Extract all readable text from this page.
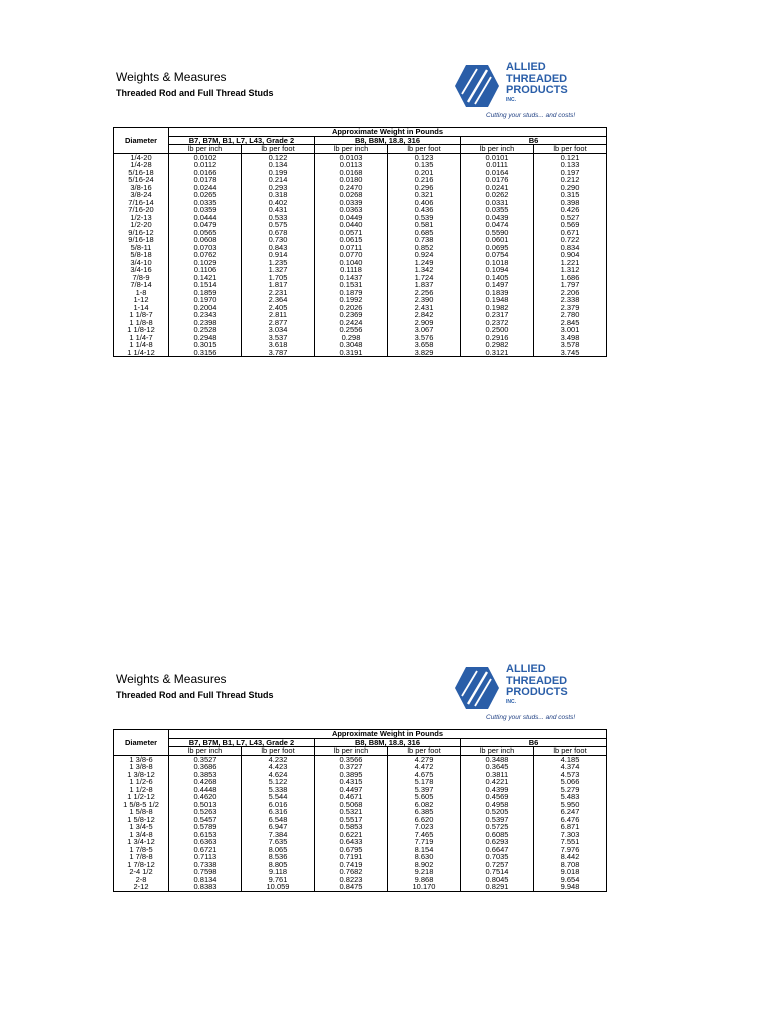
Weights & Measures
Threaded Rod and Full Thread Studs
ALLIED
THREADED
PRODUCTS
INC.
Cutting your studs... and costs!
Diameter	Approximate Weight in Pounds					
	B7, B7M, B1, L7, L43, Grade 2		B8, B8M, 18.8, 316		B6	
	lb per inch	lb per foot	lb per inch	lb per foot	lb per inch	lb per foot
1/4-20	0.0102	0.122	0.0103	0.123	0.0101	0.121
1/4-28	0.0112	0.134	0.0113	0.135	0.0111	0.133
5/16-18	0.0166	0.199	0.0168	0.201	0.0164	0.197
5/16-24	0.0178	0.214	0.0180	0.216	0.0176	0.212
3/8-16	0.0244	0.293	0.2470	0.296	0.0241	0.290
3/8-24	0.0265	0.318	0.0268	0.321	0.0262	0.315
7/16-14	0.0335	0.402	0.0339	0.406	0.0331	0.398
7/16-20	0.0359	0.431	0.0363	0.436	0.0355	0.426
1/2-13	0.0444	0.533	0.0449	0.539	0.0439	0.527
1/2-20	0.0479	0.575	0.0440	0.581	0.0474	0.569
9/16-12	0.0565	0.678	0.0571	0.685	0.5590	0.671
9/16-18	0.0608	0.730	0.0615	0.738	0.0601	0.722
5/8-11	0.0703	0.843	0.0711	0.852	0.0695	0.834
5/8-18	0.0762	0.914	0.0770	0.924	0.0754	0.904
3/4-10	0.1029	1.235	0.1040	1.249	0.1018	1.221
3/4-16	0.1106	1.327	0.1118	1.342	0.1094	1.312
7/8-9	0.1421	1.705	0.1437	1.724	0.1405	1.686
7/8-14	0.1514	1.817	0.1531	1.837	0.1497	1.797
1-8	0.1859	2.231	0.1879	2.256	0.1839	2.206
1-12	0.1970	2.364	0.1992	2.390	0.1948	2.338
1-14	0.2004	2.405	0.2026	2.431	0.1982	2.379
1 1/8-7	0.2343	2.811	0.2369	2.842	0.2317	2.780
1 1/8-8	0.2398	2.877	0.2424	2.909	0.2372	2.845
1 1/8-12	0.2528	3.034	0.2556	3.067	0.2500	3.001
1 1/4-7	0.2948	3.537	0.298	3.576	0.2916	3.498
1 1/4-8	0.3015	3.618	0.3048	3.658	0.2982	3.578
1 1/4-12	0.3156	3.787	0.3191	3.829	0.3121	3.745
Weights & Measures
Threaded Rod and Full Thread Studs
ALLIED
THREADED
PRODUCTS
INC.
Cutting your studs... and costs!
Diameter	Approximate Weight in Pounds					
	B7, B7M, B1, L7, L43, Grade 2		B8, B8M, 18.8, 316		B6	
	lb per inch	lb per foot	lb per inch	lb per foot	lb per inch	lb per foot
1 3/8-6	0.3527	4.232	0.3566	4.279	0.3488	4.185
1 3/8-8	0.3686	4.423	0.3727	4.472	0.3645	4.374
1 3/8-12	0.3853	4.624	0.3895	4.675	0.3811	4.573
1 1/2-6	0.4268	5.122	0.4315	5.178	0.4221	5.066
1 1/2-8	0.4448	5.338	0.4497	5.397	0.4399	5.279
1 1/2-12	0.4620	5.544	0.4671	5.605	0.4569	5.483
1 5/8-5 1/2	0.5013	6.016	0.5068	6.082	0.4958	5.950
1 5/8-8	0.5263	6.316	0.5321	6.385	0.5205	6.247
1 5/8-12	0.5457	6.548	0.5517	6.620	0.5397	6.476
1 3/4-5	0.5789	6.947	0.5853	7.023	0.5725	6.871
1 3/4-8	0.6153	7.384	0.6221	7.465	0.6085	7.303
1 3/4-12	0.6363	7.635	0.6433	7.719	0.6293	7.551
1 7/8-5	0.6721	8.065	0.6795	8.154	0.6647	7.976
1 7/8-8	0.7113	8.536	0.7191	8.630	0.7035	8.442
1 7/8-12	0.7338	8.805	0.7419	8.902	0.7257	8.708
2-4 1/2	0.7598	9.118	0.7682	9.218	0.7514	9.018
2-8	0.8134	9.761	0.8223	9.868	0.8045	9.654
2-12	0.8383	10.059	0.8475	10.170	0.8291	9.948
